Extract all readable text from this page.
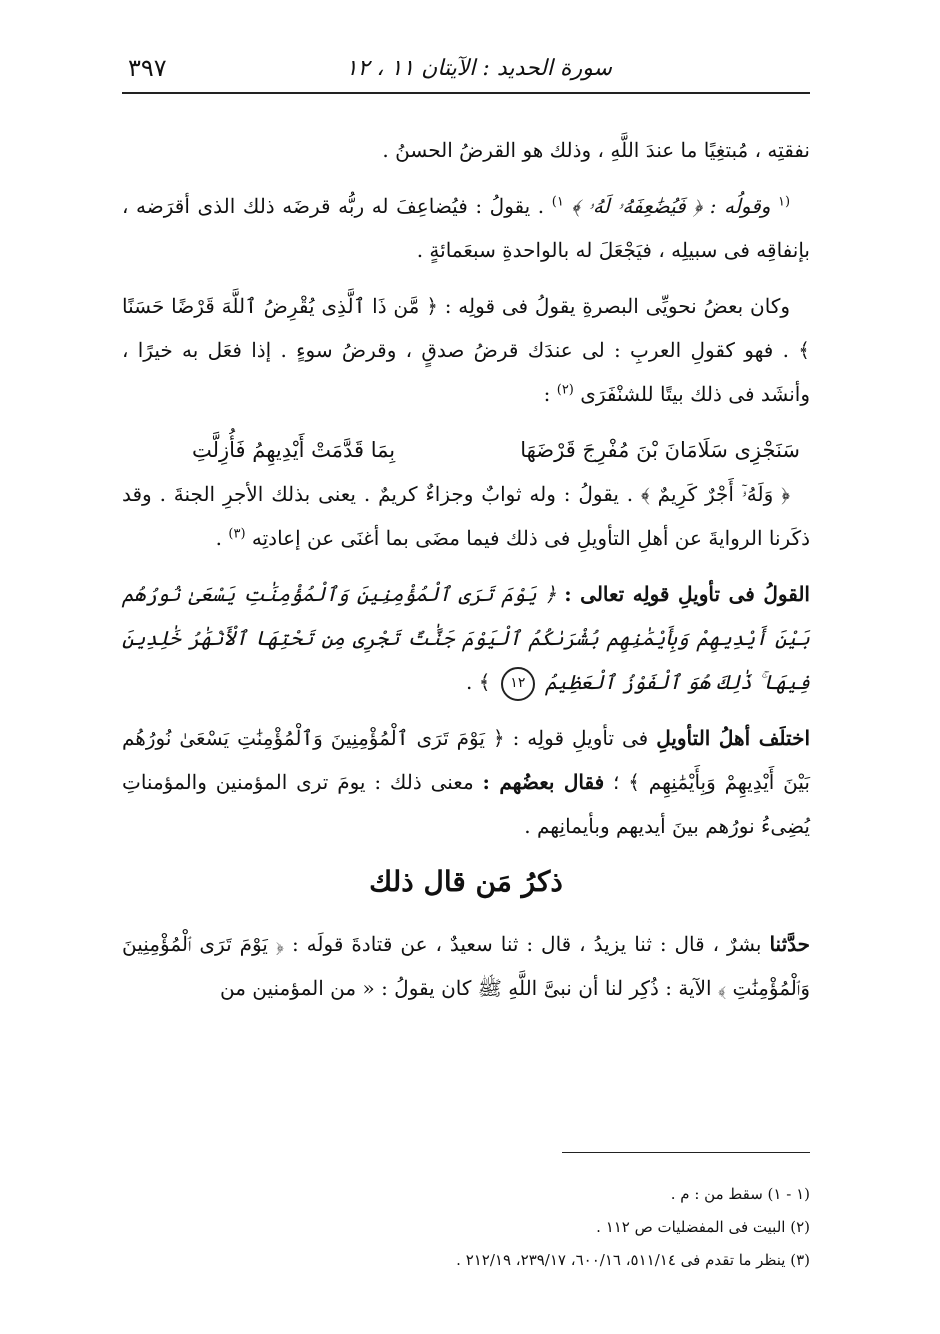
سورة الحديد : الآيتان ١١ ، ١٢
٣٩٧

نفقتِه ، مُبتغِيًا ما عندَ اللَّهِ ، وذلك هو القرضُ الحسنُ .

$^{(١}$ وقولُه : ﴿ فَيُضَٰعِفَهُۥ لَهُۥ ﴾ $^{١)}$ . يقولُ : فيُضاعِفَ له ربُّه قرضَه ذلك الذى أقرَضه ، بإنفاقِه فى سبيلِه ، فيَجْعَلَ له بالواحدةِ سبعَمائةٍ .

وكان بعضُ نحويِّى البصرةِ يقولُ فى قولِه : ﴿ مَّن ذَا ٱلَّذِى يُقْرِضُ ٱللَّهَ قَرْضًا حَسَنًا ﴾ . فهو كقولِ العربِ : لى عندَك قرضُ صدقٍ ، وقرضُ سوءٍ . إذا فعَل به خيرًا ، وأنشَد فى ذلك بيتًا للشنْفَرَى $^{(٢)}$ :

سَنَجْزِى سَلَامَانَ بْنَ مُفْرِجَ قَرْضَهَا
بِمَا قَدَّمَتْ أَيْدِيهِمُ فَأُزِلَّتِ

﴿ وَلَهُۥٓ أَجْرٌ كَرِيمٌ ﴾ . يقولُ : وله ثوابٌ وجزاءٌ كريمٌ . يعنى بذلك الأجرِ الجنةَ . وقد ذكَرنا الروايةَ عن أهلِ التأويلِ فى ذلك فيما مضَى بما أغنَى عن إعادتِه $^{(٣)}$ .

القولُ فى تأويلِ قولِه تعالى : ﴿ يَوْمَ تَرَى ٱلْمُؤْمِنِينَ وَٱلْمُؤْمِنَٰتِ يَسْعَىٰ نُورُهُم بَيْنَ أَيْدِيهِمْ وَبِأَيْمَٰنِهِم بُشْرَىٰكُمُ ٱلْيَوْمَ جَنَّٰتٌ تَجْرِى مِن تَحْتِهَا ٱلْأَنْهَٰرُ خَٰلِدِينَ فِيهَا ۚ ذَٰلِكَ هُوَ ٱلْفَوْزُ ٱلْعَظِيمُ ١٢ ﴾ .

اختلَف أهلُ التأويلِ فى تأويلِ قولِه : ﴿ يَوْمَ تَرَى ٱلْمُؤْمِنِينَ وَٱلْمُؤْمِنَٰتِ يَسْعَىٰ نُورُهُم بَيْنَ أَيْدِيهِمْ وَبِأَيْمَٰنِهِم ﴾ ؛ فقال بعضُهم : معنى ذلك : يومَ ترى المؤمنين والمؤمناتِ يُضِىءُ نورُهم بينَ أيديهم وبأيمانِهم .

ذكرُ مَن قال ذلك

حدَّثنا بشرٌ ، قال : ثنا يزيدُ ، قال : ثنا سعيدٌ ، عن قتادةَ قولَه : ﴿ يَوْمَ تَرَى ٱلْمُؤْمِنِينَ وَٱلْمُؤْمِنَٰتِ ﴾ الآية : ذُكِر لنا أن نبىَّ اللَّهِ ﷺ كان يقولُ : « من المؤمنين من

(١ - ١) سقط من : م .

(٢) البيت فى المفضليات ص ١١٢ .

(٣) ينظر ما تقدم فى ٥١١/١٤، ٦٠٠/١٦، ٢٣٩/١٧، ٢١٢/١٩ .
